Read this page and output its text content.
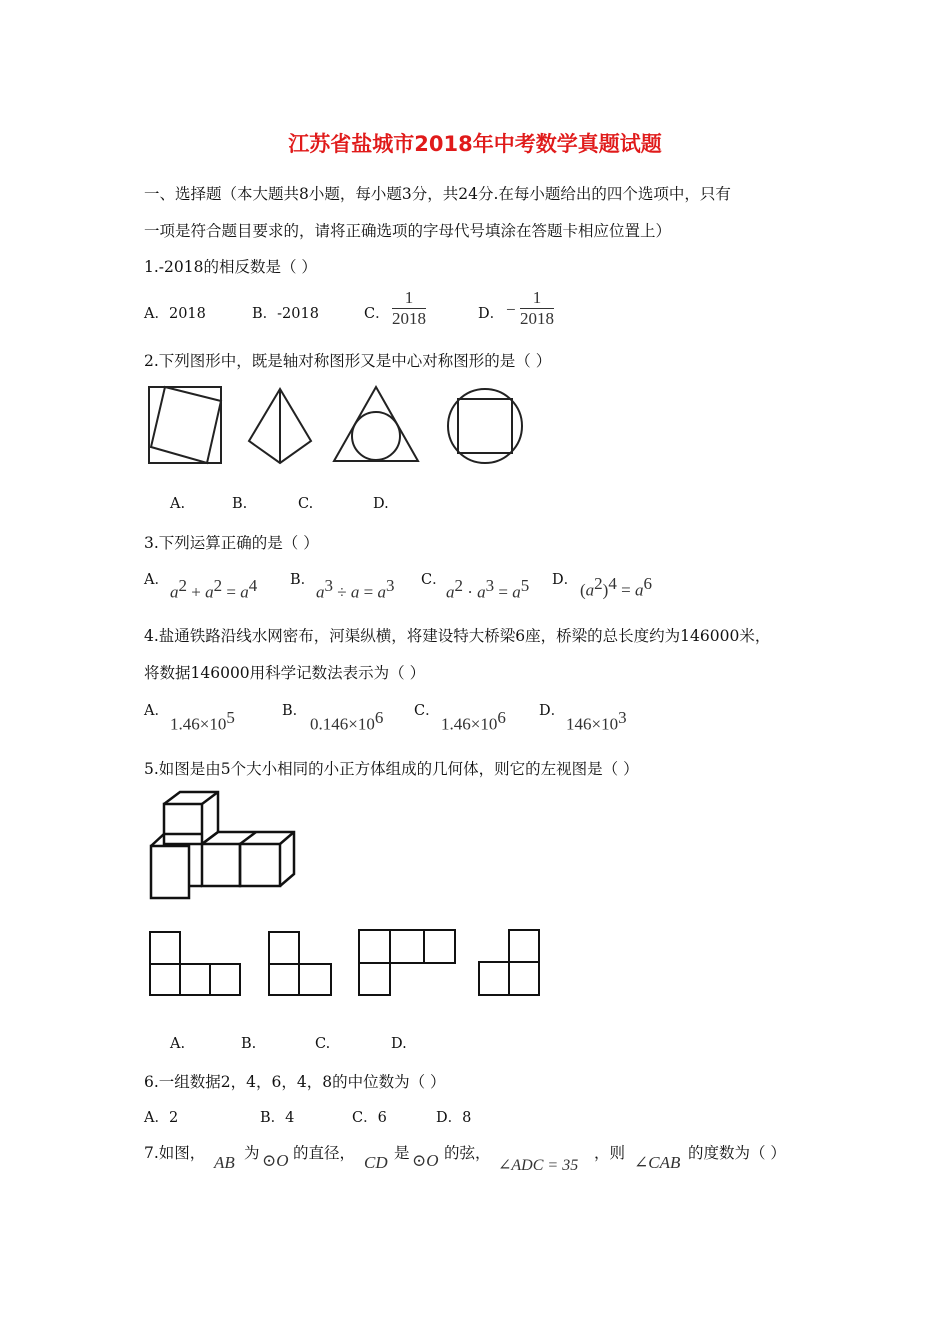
江苏省盐城市2018年中考数学真题试题
一、选择题（本大题共8小题，每小题3分，共24分.在每小题给出的四个选项中，只有
一项是符合题目要求的，请将正确选项的字母代号填涂在答题卡相应位置上）
1.-2018的相反数是（ ）
A．2018	B．-2018	C． $\frac{1}{2018}$	D． − $\frac{1}{2018}$
2.下列图形中，既是轴对称图形又是中心对称图形的是（ ）
A.	B.	C.	D.
3.下列运算正确的是（ ）
A．
$a^2 + a^2 = a^4$ B．
$a^3 \div a = a^3$ C．
$a^2 \cdot a^3 = a^5$ D．
$(a^2)^4 = a^6$
4.盐通铁路沿线水网密布，河渠纵横，将建设特大桥梁6座，桥梁的总长度约为146000米，
将数据146000用科学记数法表示为（ ）
A．
$1.46\times 10^5$	B．
$0.146\times 10^6$ C．
$1.46\times 10^6$ D．
$146\times 10^3$
5.如图是由5个大小相同的小正方体组成的几何体，则它的左视图是（ ）
A.	B.	C.	D.
6.一组数据2，4，6，4，8的中位数为（ ）
A．2	B．4	C．6	D．8
7.如图， AB 为 ⊙O 的直径， CD 是 ⊙O 的弦，
∠ADC = 35
，则 ∠CAB 的度数为（ ）
